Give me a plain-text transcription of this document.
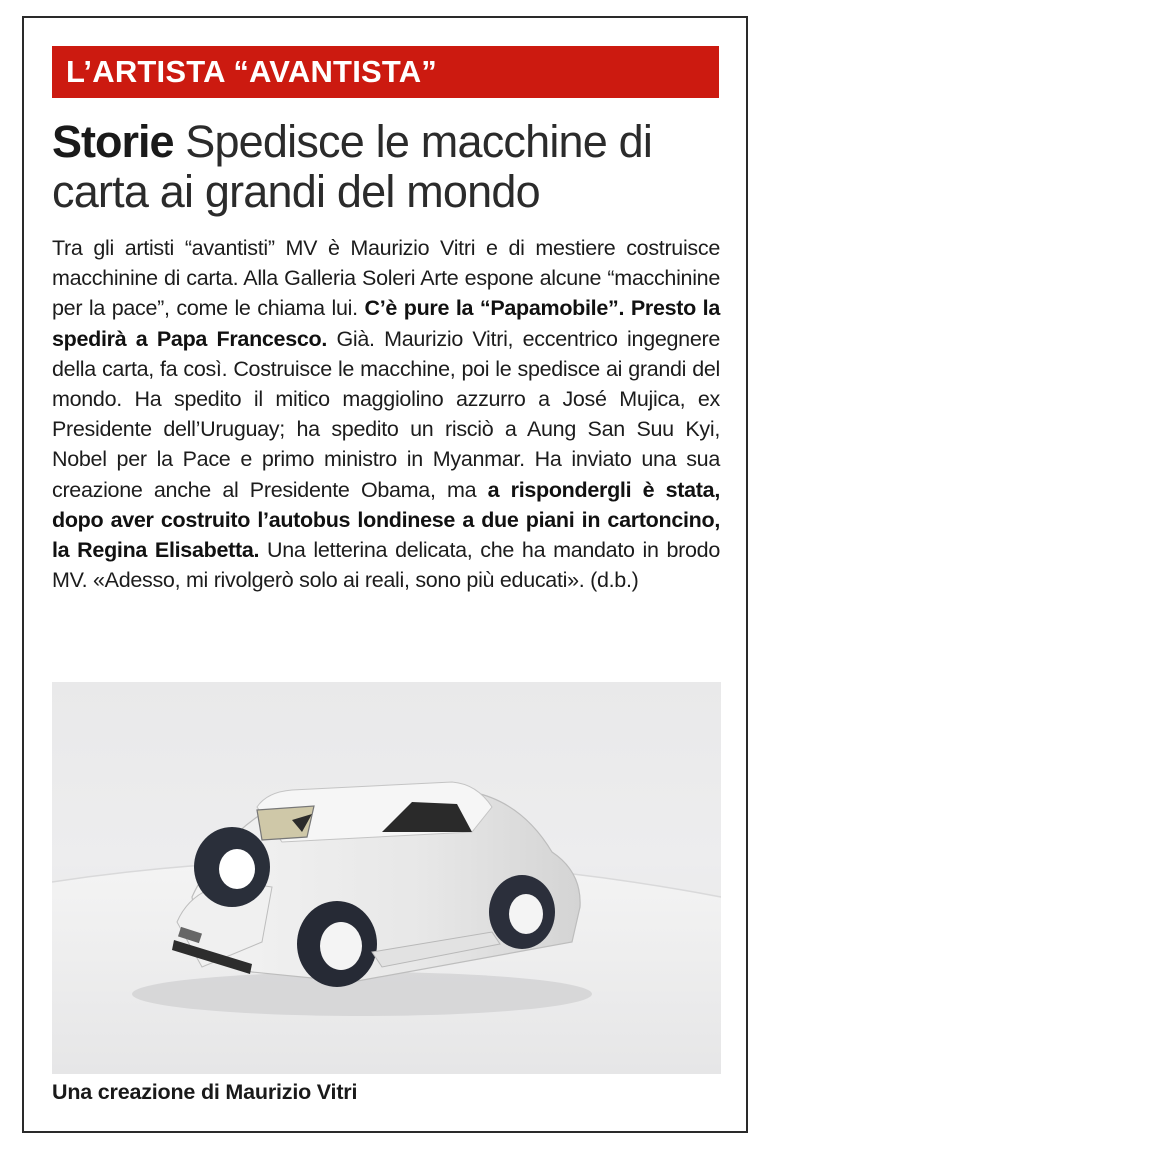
L’ARTISTA “AVANTISTA”
Storie Spedisce le macchine di carta ai grandi del mondo

Tra gli artisti “avantisti” MV è Maurizio Vitri e di mestiere costruisce macchinine di carta. Alla Galleria Soleri Arte espone alcune “macchinine per la pace”, come le chiama lui. C’è pure la “Papamobile”. Presto la spedirà a Papa Francesco. Già. Maurizio Vitri, eccentrico ingegnere della carta, fa così. Costruisce le macchine, poi le spedisce ai grandi del mondo. Ha spedito il mitico maggiolino azzurro a José Mujica, ex Presidente dell’Uruguay; ha spedito un risciò a Aung San Suu Kyi, Nobel per la Pace e primo ministro in Myanmar. Ha inviato una sua creazione anche al Presidente Obama, ma a rispondergli è stata, dopo aver costruito l’autobus londinese a due piani in cartoncino, la Regina Elisabetta. Una letterina delicata, che ha mandato in brodo MV. «Adesso, mi rivolgerò solo ai reali, sono più educati». (d.b.)

Una creazione di Maurizio Vitri
